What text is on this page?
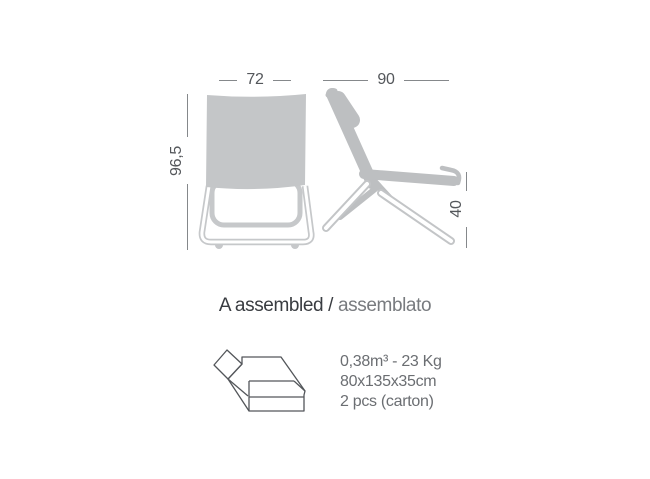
72	90
96,5
40
A assembled / assemblato
0,38m³ - 23 Kg
80x135x35cm
2 pcs (carton)
